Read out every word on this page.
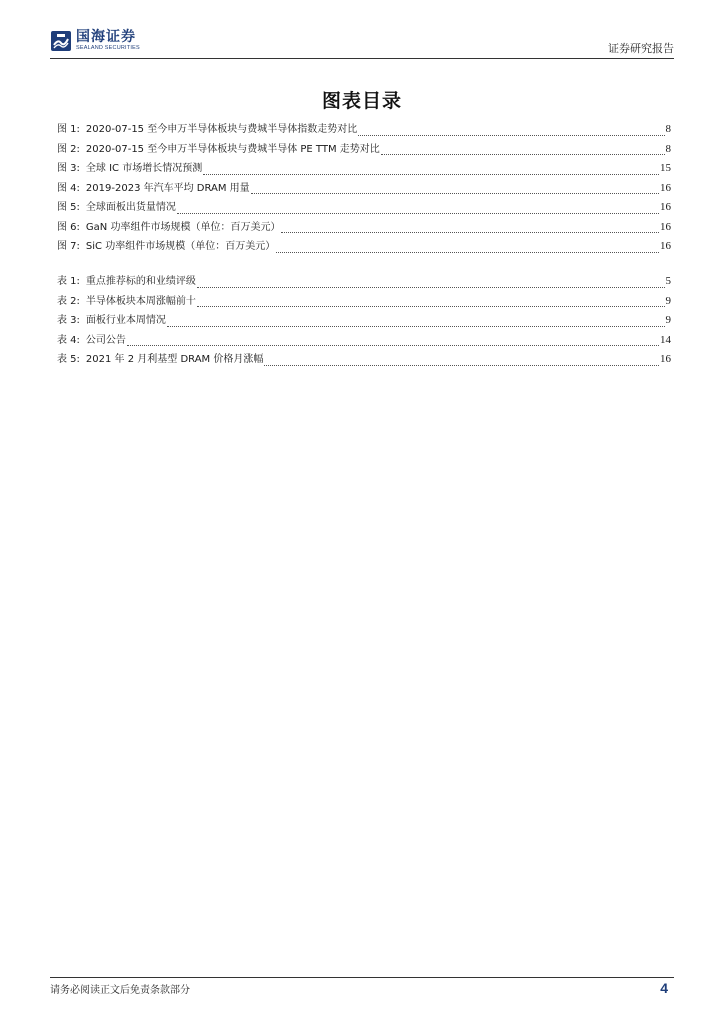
国海证券
SEALAND SECURITIES	证券研究报告
图表目录
图 1: 2020-07-15 至今申万半导体板块与费城半导体指数走势对比	8
图 2: 2020-07-15 至今申万半导体板块与费城半导体 PE TTM 走势对比	8
图 3: 全球 IC 市场增长情况预测	15
图 4: 2019-2023 年汽车平均 DRAM 用量	16
图 5: 全球面板出货量情况	16
图 6: GaN 功率组件市场规模（单位：百万美元）	16
图 7: SiC 功率组件市场规模（单位：百万美元）	16
表 1: 重点推荐标的和业绩评级	5
表 2: 半导体板块本周涨幅前十	9
表 3: 面板行业本周情况	9
表 4: 公司公告	14
表 5: 2021 年 2 月利基型 DRAM 价格月涨幅	16
请务必阅读正文后免责条款部分	4
